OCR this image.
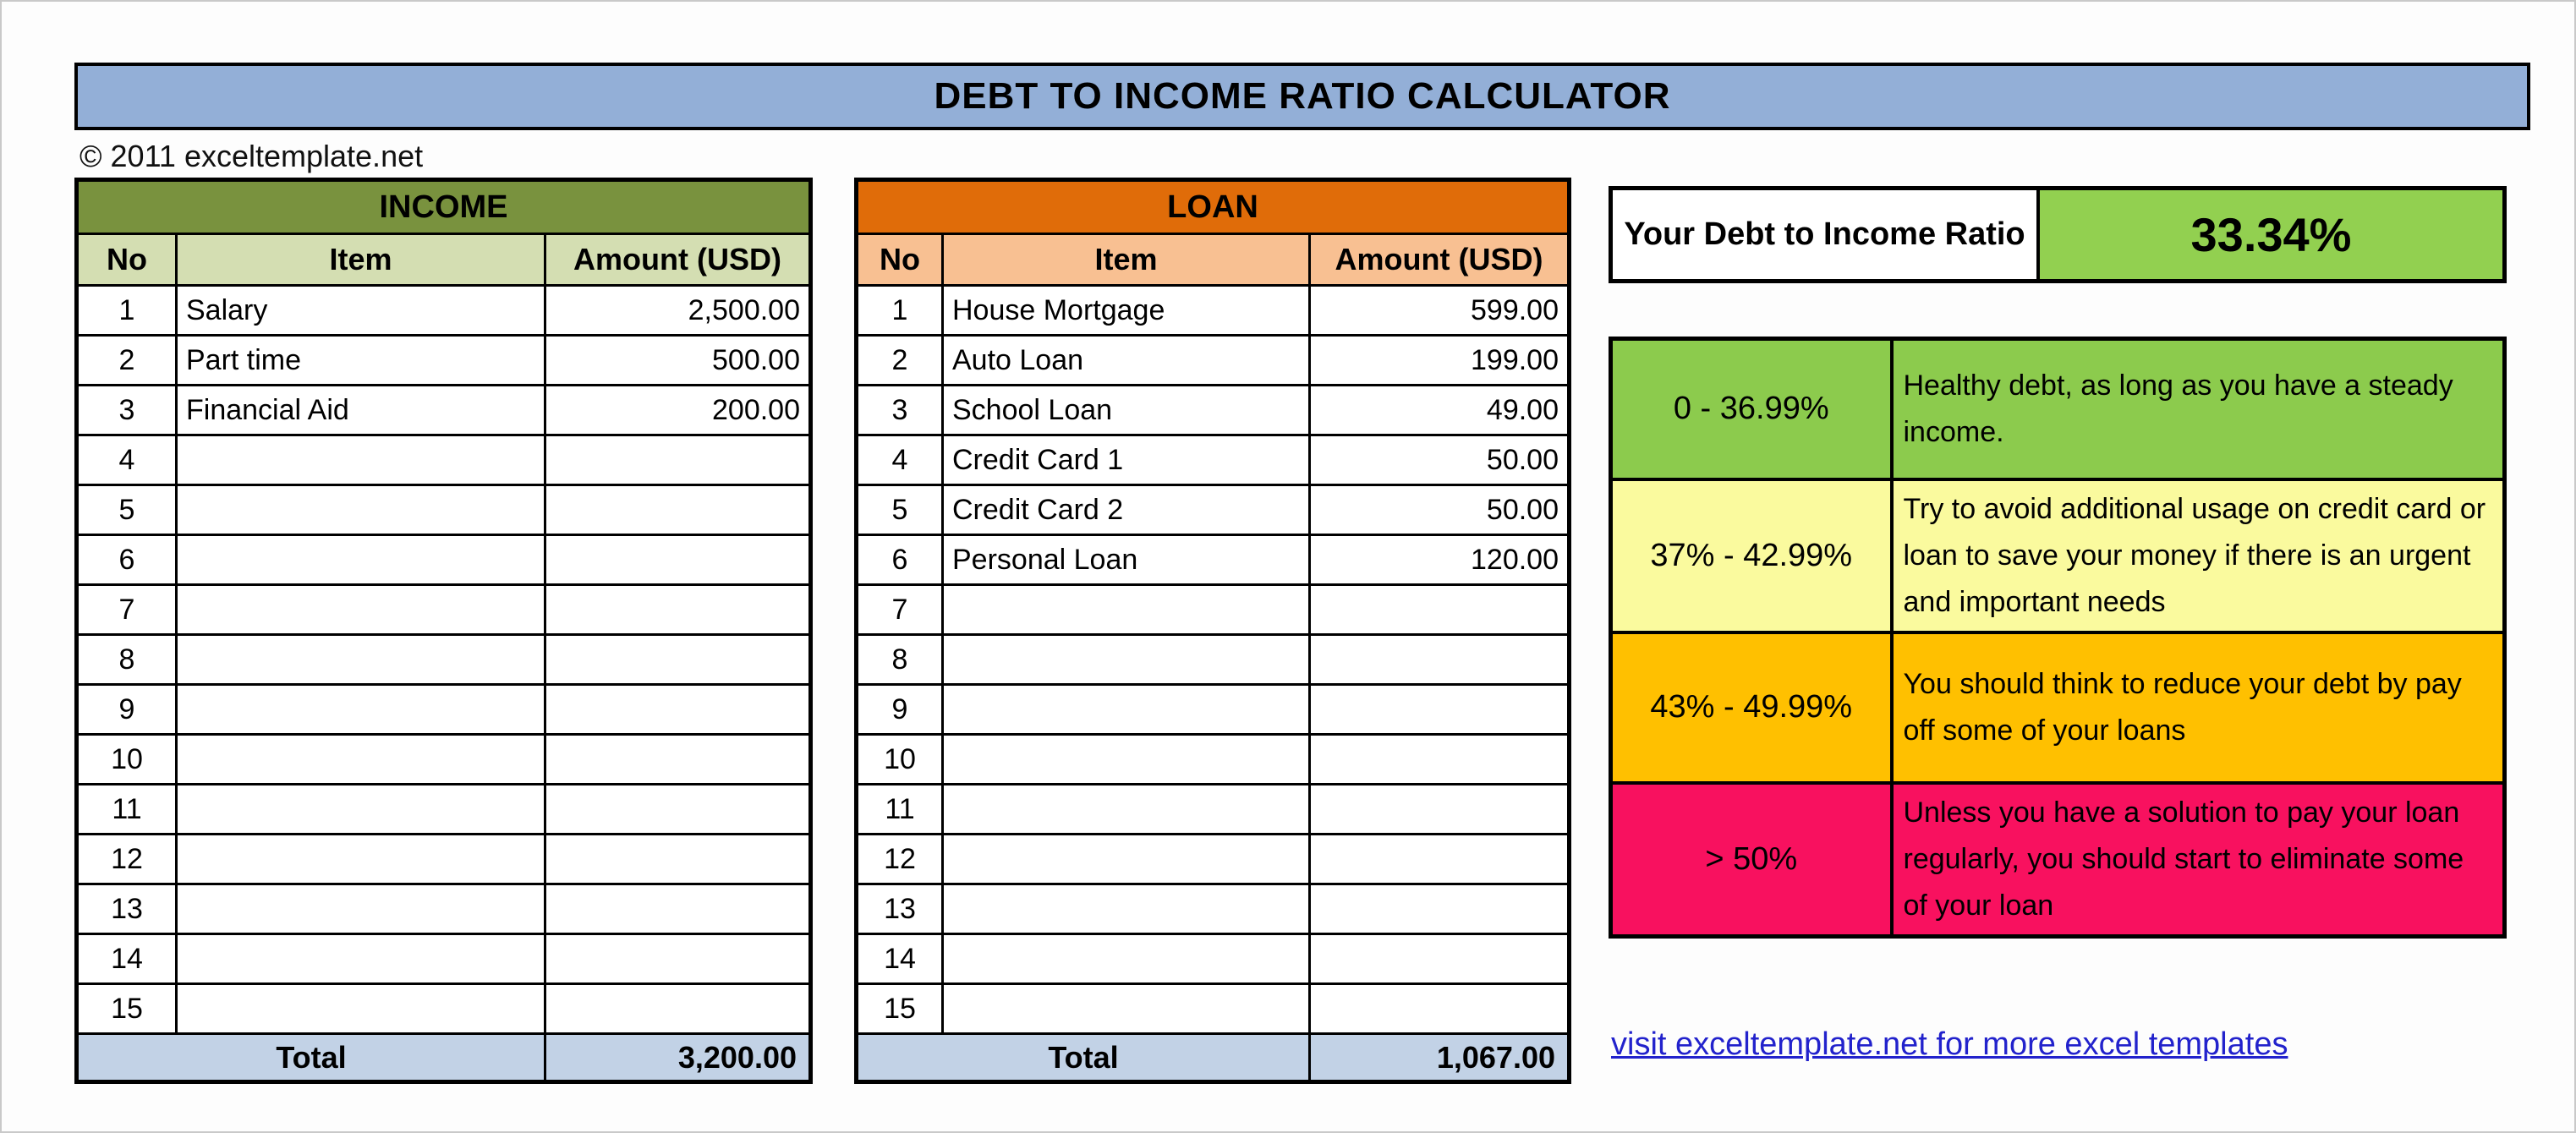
DEBT TO INCOME RATIO CALCULATOR
© 2011 exceltemplate.net
INCOME		
No	Item	Amount (USD)
1	Salary	2,500.00
2	Part time	500.00
3	Financial Aid	200.00
4		
5		
6		
7		
8		
9		
10		
11		
12		
13		
14		
15		
Total		3,200.00
LOAN		
No	Item	Amount (USD)
1	House Mortgage	599.00
2	Auto Loan	199.00
3	School Loan	49.00
4	Credit Card 1	50.00
5	Credit Card 2	50.00
6	Personal Loan	120.00
7		
8		
9		
10		
11		
12		
13		
14		
15		
Total		1,067.00
Your Debt to Income Ratio	33.34%
0 - 36.99%	Healthy debt, as long as you have a steady income.
37% - 42.99%	Try to avoid additional usage on credit card or loan to save your money if there is an urgent and important needs
43% - 49.99%	You should think to reduce your debt by pay off some of your loans
> 50%	Unless you have a solution to pay your loan regularly, you should start to eliminate some of your loan
visit exceltemplate.net for more excel templates
